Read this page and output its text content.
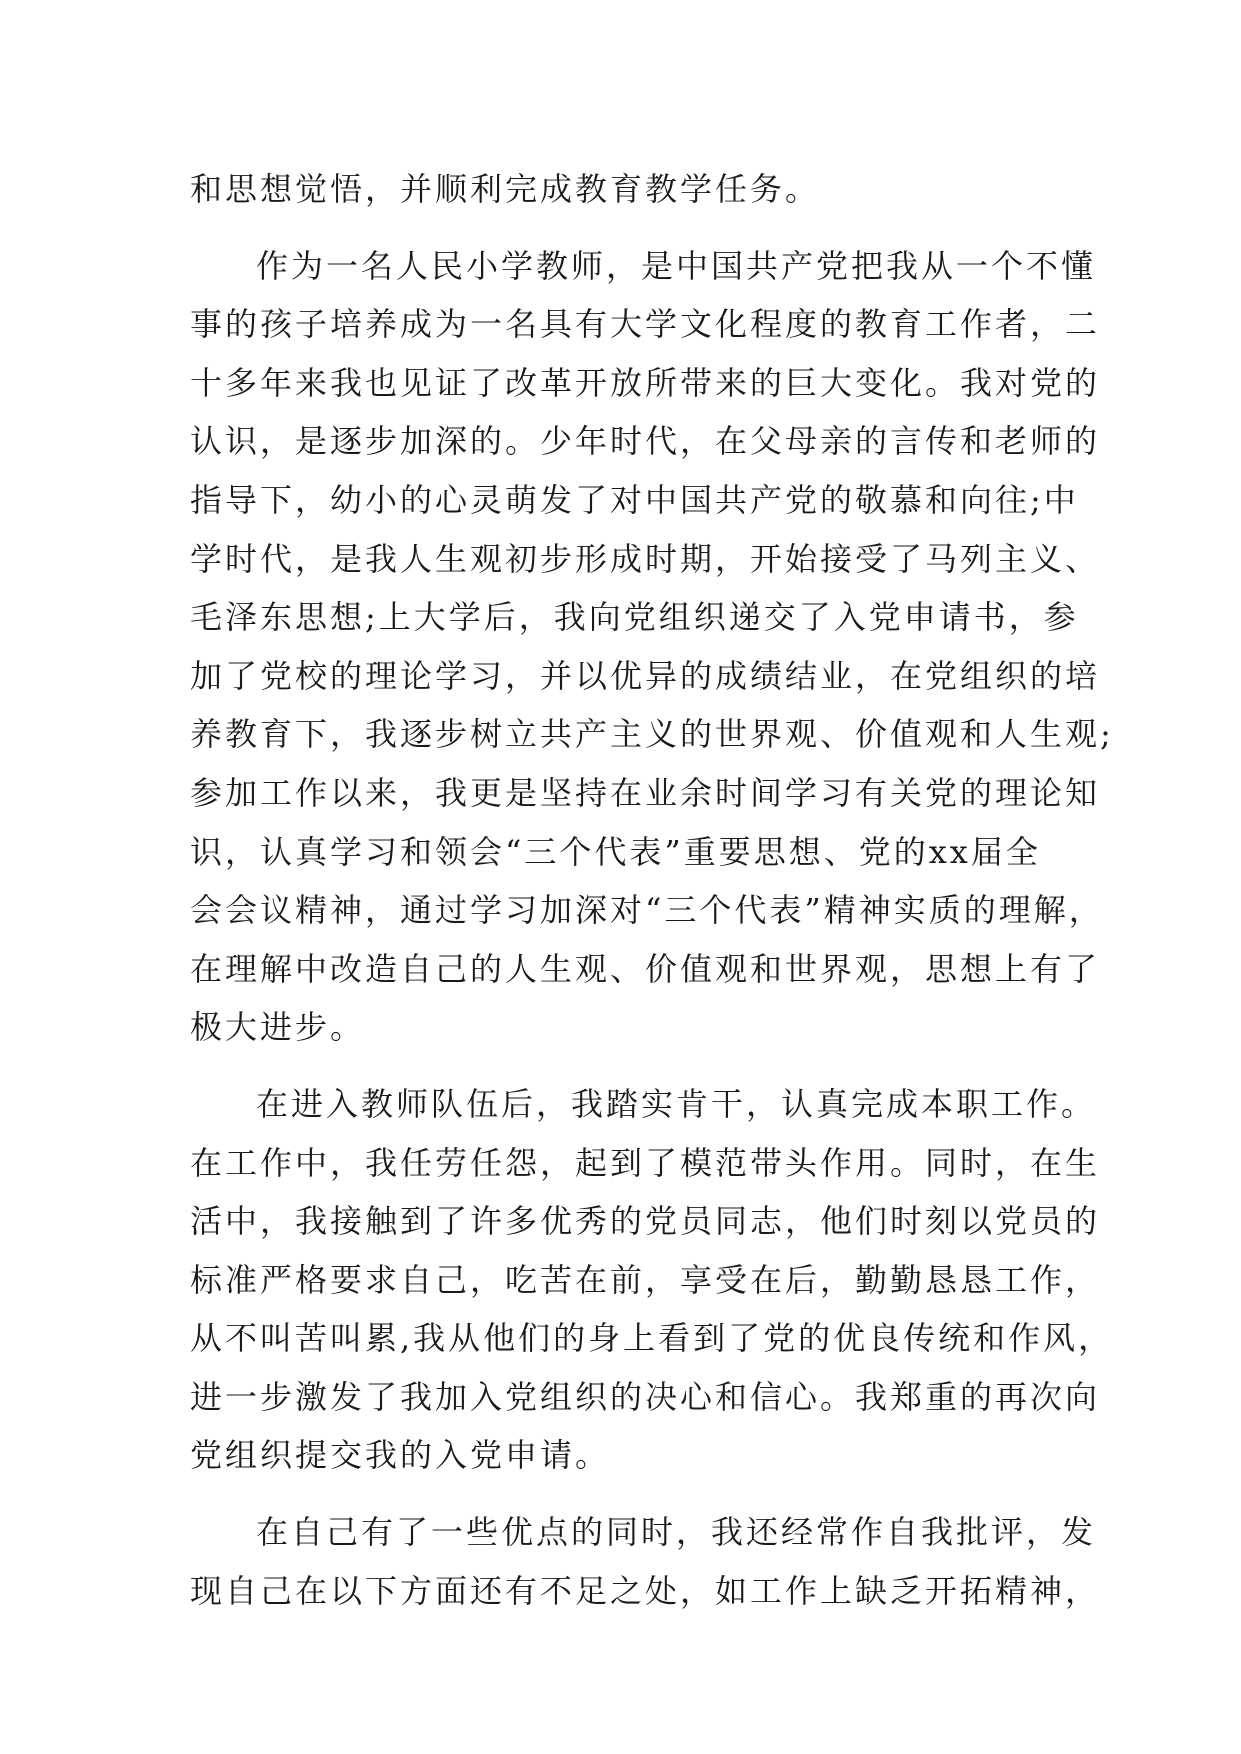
和思想觉悟，并顺利完成教育教学任务。
作为一名人民小学教师，是中国共产党把我从一个不懂
事的孩子培养成为一名具有大学文化程度的教育工作者，二
十多年来我也见证了改革开放所带来的巨大变化。我对党的
认识，是逐步加深的。少年时代，在父母亲的言传和老师的
指导下，幼小的心灵萌发了对中国共产党的敬慕和向往;中
学时代，是我人生观初步形成时期，开始接受了马列主义、
毛泽东思想;上大学后，我向党组织递交了入党申请书，参
加了党校的理论学习，并以优异的成绩结业，在党组织的培
养教育下，我逐步树立共产主义的世界观、价值观和人生观;
参加工作以来，我更是坚持在业余时间学习有关党的理论知
识，认真学习和领会“三个代表”重要思想、党的xx届全
会会议精神，通过学习加深对“三个代表”精神实质的理解，
在理解中改造自己的人生观、价值观和世界观，思想上有了
极大进步。
在进入教师队伍后，我踏实肯干，认真完成本职工作。
在工作中，我任劳任怨，起到了模范带头作用。同时，在生
活中，我接触到了许多优秀的党员同志，他们时刻以党员的
标准严格要求自己，吃苦在前，享受在后，勤勤恳恳工作，
从不叫苦叫累,我从他们的身上看到了党的优良传统和作风，
进一步激发了我加入党组织的决心和信心。我郑重的再次向
党组织提交我的入党申请。
在自己有了一些优点的同时，我还经常作自我批评，发
现自己在以下方面还有不足之处，如工作上缺乏开拓精神，
